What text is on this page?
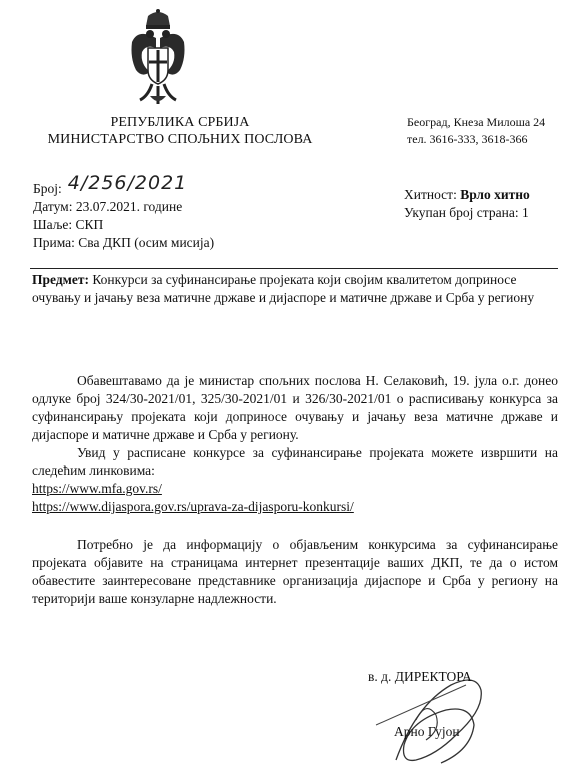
РЕПУБЛИКА СРБИЈА
МИНИСТАРСТВО СПОЉНИХ ПОСЛОВА
Београд, Кнеза Милоша 24
тел. 3616-333, 3618-366
Број: 4/256/2021
Датум: 23.07.2021. године
Шаље: СКП
Прима: Сва ДКП (осим мисија)
Хитност: Врло хитно
Укупан број страна: 1
Предмет: Конкурси за суфинансирање пројеката који својим квалитетом доприносе очувању и јачању веза матичне државе и дијаспоре и матичне државе и Срба у региону
Обавештавамо да је министар спољних послова Н. Селаковић, 19. јула о.г. донео одлуке број 324/30-2021/01, 325/30-2021/01 и 326/30-2021/01 о расписивању конкурса за суфинансирању пројеката који доприносе очувању и јачању веза матичне државе и дијаспоре и матичне државе и Срба у региону.
Увид у расписане конкурсе за суфинансирање пројеката можете извршити на следећим линковима:
https://www.mfa.gov.rs/
https://www.dijaspora.gov.rs/uprava-za-dijasporu-konkursi/
Потребно је да информацију о објављеним конкурсима за суфинансирање пројеката објавите на страницама интернет презентације ваших ДКП, те да о истом обавестите заинтересоване представнике организација дијаспоре и Срба у региону на територији ваше конзуларне надлежности.
в. д. ДИРЕКТОРА
Арно Гујон
